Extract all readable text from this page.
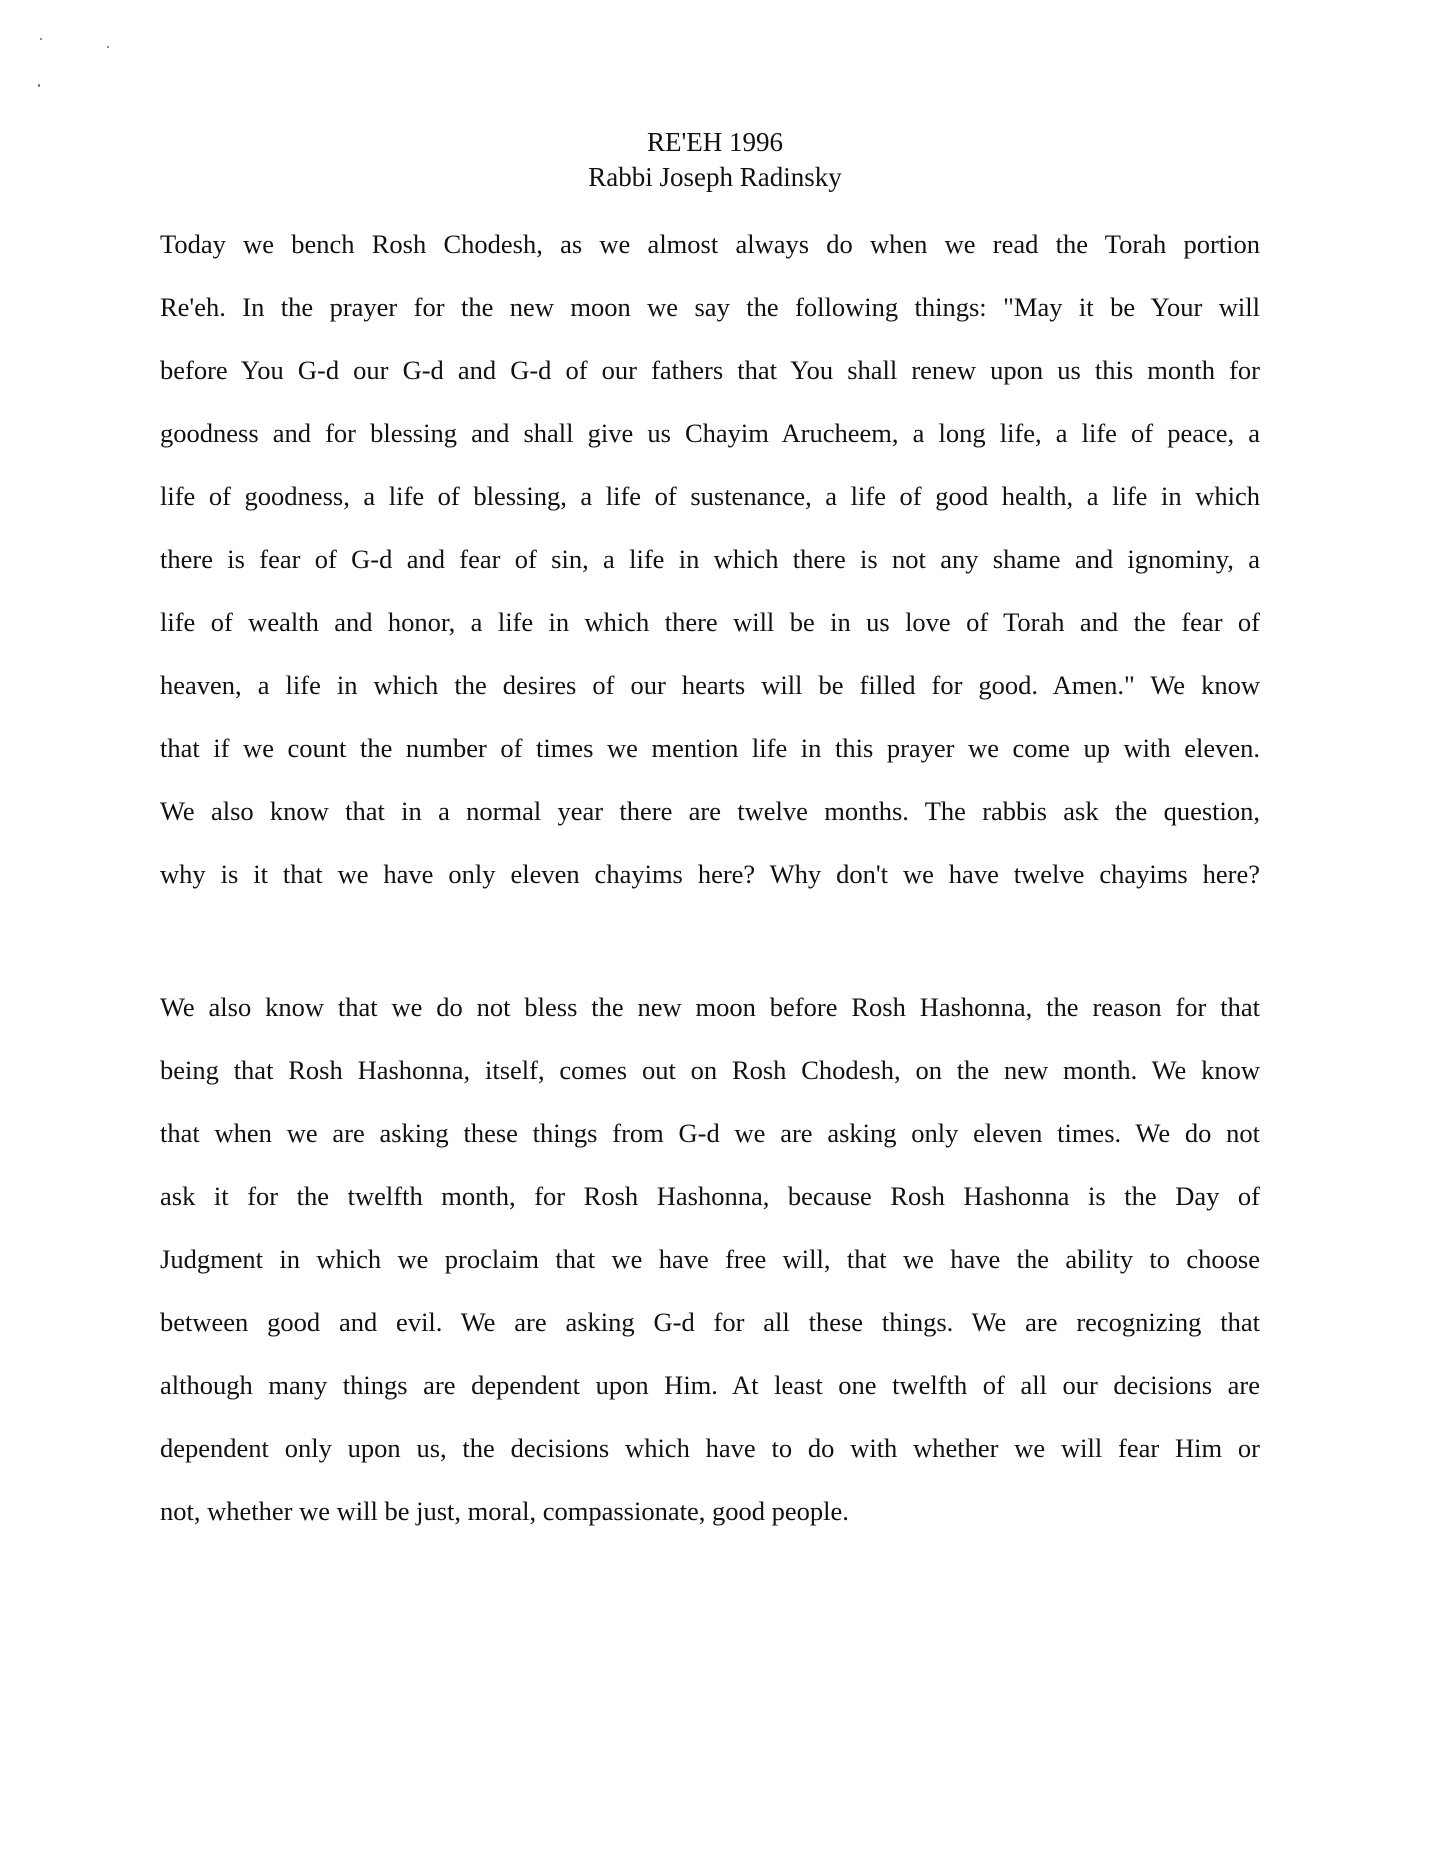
RE'EH 1996
Rabbi Joseph Radinsky
Today we bench Rosh Chodesh, as we almost always do when we read the Torah portion
Re'eh. In the prayer for the new moon we say the following things: "May it be Your will
before You G-d our G-d and G-d of our fathers that You shall renew upon us this month for
goodness and for blessing and shall give us Chayim Arucheem, a long life, a life of peace, a
life of goodness, a life of blessing, a life of sustenance, a life of good health, a life in which
there is fear of G-d and fear of sin, a life in which there is not any shame and ignominy, a
life of wealth and honor, a life in which there will be in us love of Torah and the fear of
heaven, a life in which the desires of our hearts will be filled for good. Amen." We know
that if we count the number of times we mention life in this prayer we come up with eleven.
We also know that in a normal year there are twelve months. The rabbis ask the question,
why is it that we have only eleven chayims here? Why don't we have twelve chayims here?
We also know that we do not bless the new moon before Rosh Hashonna, the reason for that
being that Rosh Hashonna, itself, comes out on Rosh Chodesh, on the new month. We know
that when we are asking these things from G-d we are asking only eleven times. We do not
ask it for the twelfth month, for Rosh Hashonna, because Rosh Hashonna is the Day of
Judgment in which we proclaim that we have free will, that we have the ability to choose
between good and evil. We are asking G-d for all these things. We are recognizing that
although many things are dependent upon Him. At least one twelfth of all our decisions are
dependent only upon us, the decisions which have to do with whether we will fear Him or
not, whether we will be just, moral, compassionate, good people.
